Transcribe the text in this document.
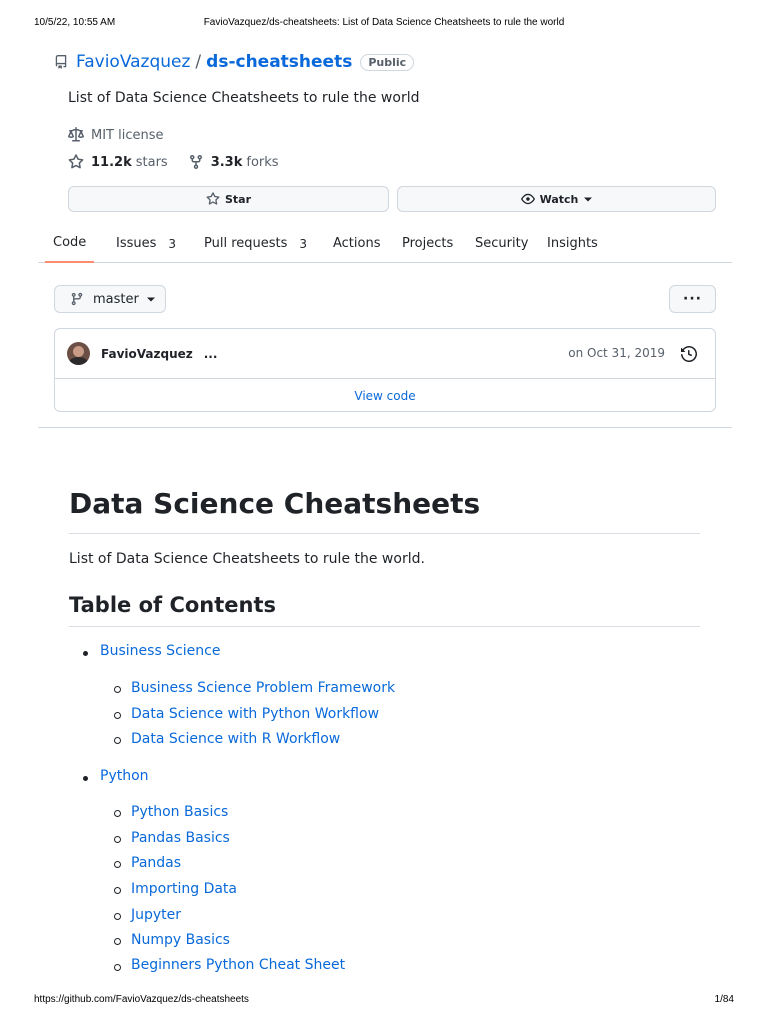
10/5/22, 10:55 AM	FavioVazquez/ds-cheatsheets: List of Data Science Cheatsheets to rule the world
FavioVazquez / ds-cheatsheets	Public
List of Data Science Cheatsheets to rule the world
MIT license
11.2k stars	3.3k forks
Star	Watch
Code Issues 3 Pull requests 3 Actions Projects Security Insights
master	···
FavioVazquez ...	on Oct 31, 2019
View code
Data Science Cheatsheets

List of Data Science Cheatsheets to rule the world.

Table of Contents
Business Science
Business Science Problem Framework
Data Science with Python Workflow
Data Science with R Workflow
Python
Python Basics
Pandas Basics
Pandas
Importing Data
Jupyter
Numpy Basics
Beginners Python Cheat Sheet
https://github.com/FavioVazquez/ds-cheatsheets	1/84
